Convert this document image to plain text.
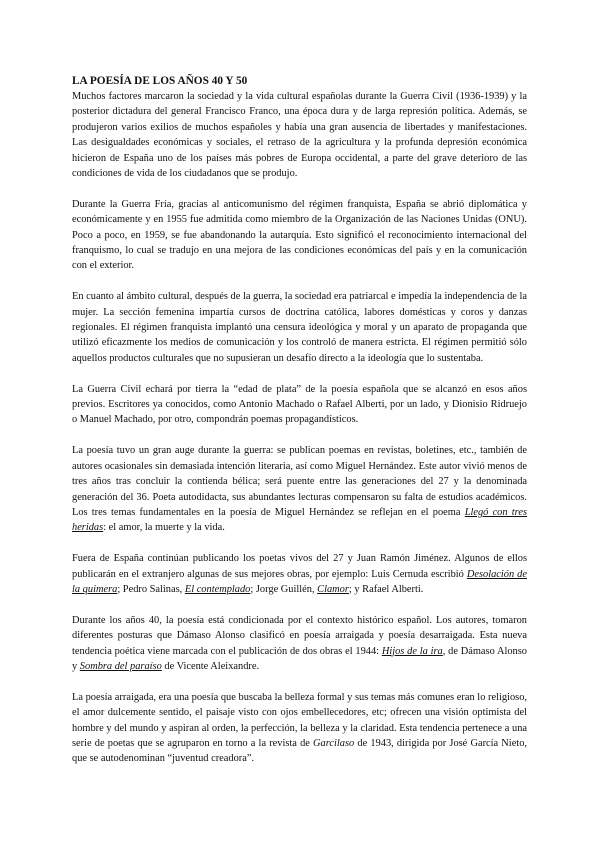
LA POESÍA DE LOS AÑOS 40 Y 50

Muchos factores marcaron la sociedad y la vida cultural españolas durante la Guerra Civil (1936-1939) y la posterior dictadura del general Francisco Franco, una época dura y de larga represión política. Además, se produjeron varios exilios de muchos españoles y había una gran ausencia de libertades y manifestaciones. Las desigualdades económicas y sociales, el retraso de la agricultura y la profunda depresión económica hicieron de España uno de los países más pobres de Europa occidental, a parte del grave deterioro de las condiciones de vida de los ciudadanos que se produjo.

Durante la Guerra Fría, gracias al anticomunismo del régimen franquista, España se abrió diplomática y económicamente y en 1955 fue admitida como miembro de la Organización de las Naciones Unidas (ONU). Poco a poco, en 1959, se fue abandonando la autarquía. Esto significó el reconocimiento internacional del franquismo, lo cual se tradujo en una mejora de las condiciones económicas del país y en la comunicación con el exterior.

En cuanto al ámbito cultural, después de la guerra, la sociedad era patriarcal e impedía la independencia de la mujer. La sección femenina impartía cursos de doctrina católica, labores domésticas y coros y danzas regionales. El régimen franquista implantó una censura ideológica y moral y un aparato de propaganda que utilizó eficazmente los medios de comunicación y los controló de manera estricta. El régimen permitió sólo aquellos productos culturales que no supusieran un desafío directo a la ideología que lo sustentaba.

La Guerra Civil echará por tierra la “edad de plata” de la poesía española que se alcanzó en esos años previos. Escritores ya conocidos, como Antonio Machado o Rafael Alberti, por un lado, y Dionisio Ridruejo o Manuel Machado, por otro, compondrán poemas propagandísticos.

La poesía tuvo un gran auge durante la guerra: se publican poemas en revistas, boletines, etc., también de autores ocasionales sin demasiada intención literaria, así como Miguel Hernández. Este autor vivió menos de tres años tras concluir la contienda bélica; será puente entre las generaciones del 27 y la denominada generación del 36. Poeta autodidacta, sus abundantes lecturas compensaron su falta de estudios académicos. Los tres temas fundamentales en la poesía de Miguel Hernández se reflejan en el poema Llegó con tres heridas: el amor, la muerte y la vida.

Fuera de España continúan publicando los poetas vivos del 27 y Juan Ramón Jiménez. Algunos de ellos publicarán en el extranjero algunas de sus mejores obras, por ejemplo: Luis Cernuda escribió Desolación de la quimera; Pedro Salinas, El contemplado; Jorge Guillén, Clamor; y Rafael Alberti.

Durante los años 40, la poesía está condicionada por el contexto histórico español. Los autores, tomaron diferentes posturas que Dámaso Alonso clasificó en poesía arraigada y poesía desarraigada. Esta nueva tendencia poética viene marcada con el publicación de dos obras el 1944: Hijos de la ira, de Dámaso Alonso y Sombra del paraíso de Vicente Aleixandre.

La poesía arraigada, era una poesía que buscaba la belleza formal y sus temas más comunes eran lo religioso, el amor dulcemente sentido, el paisaje visto con ojos embellecedores, etc; ofrecen una visión optimista del hombre y del mundo y aspiran al orden, la perfección, la belleza y la claridad. Esta tendencia pertenece a una serie de poetas que se agruparon en torno a la revista de Garcilaso de 1943, dirigida por José García Nieto, que se autodenominan “juventud creadora”.
